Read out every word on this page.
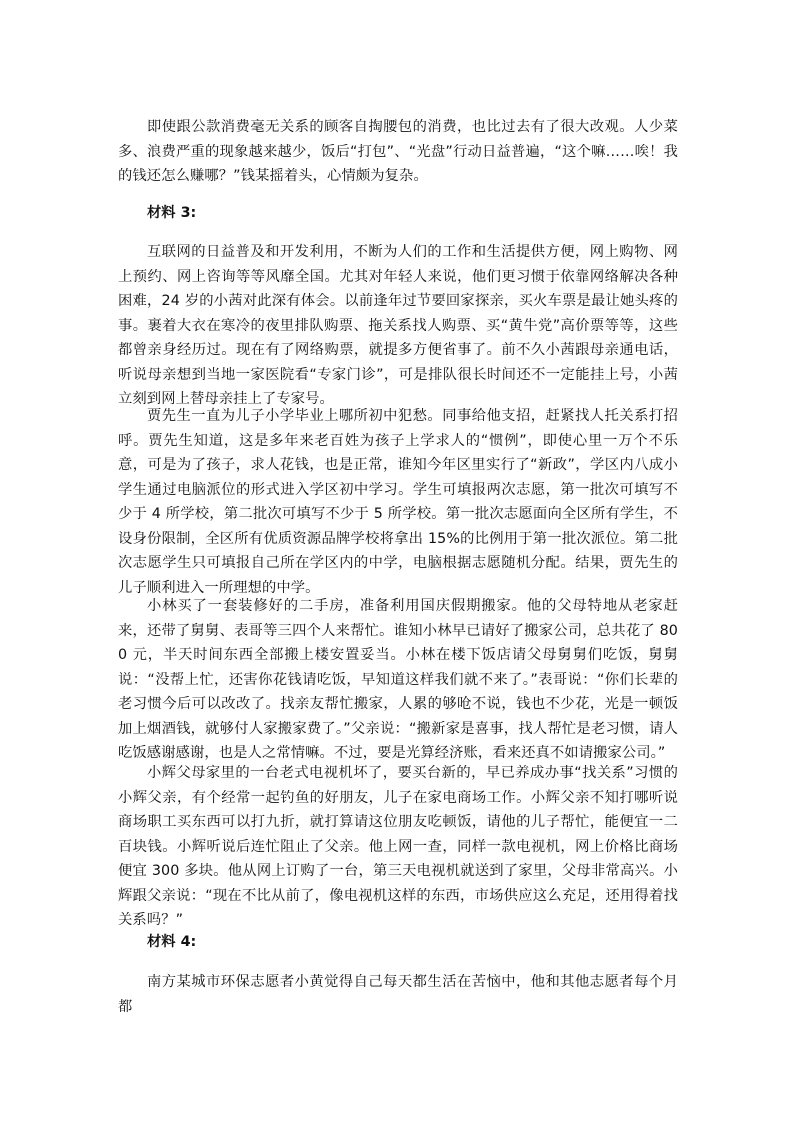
即使跟公款消费毫无关系的顾客自掏腰包的消费，也比过去有了很大改观。人少菜多、浪费严重的现象越来越少，饭后“打包”、“光盘”行动日益普遍，“这个嘛……唉！我的钱还怎么赚哪？”钱某摇着头，心情颇为复杂。

材料 3:

互联网的日益普及和开发利用，不断为人们的工作和生活提供方便，网上购物、网上预约、网上咨询等等风靡全国。尤其对年轻人来说，他们更习惯于依靠网络解决各种困难，24 岁的小茜对此深有体会。以前逢年过节要回家探亲，买火车票是最让她头疼的事。裹着大衣在寒冷的夜里排队购票、拖关系找人购票、买“黄牛党”高价票等等，这些都曾亲身经历过。现在有了网络购票，就提多方便省事了。前不久小茜跟母亲通电话，听说母亲想到当地一家医院看“专家门诊”，可是排队很长时间还不一定能挂上号，小茜立刻到网上替母亲挂上了专家号。

贾先生一直为儿子小学毕业上哪所初中犯愁。同事给他支招，赶紧找人托关系打招呼。贾先生知道，这是多年来老百姓为孩子上学求人的“惯例”，即使心里一万个不乐意，可是为了孩子，求人花钱，也是正常，谁知今年区里实行了“新政”，学区内八成小学生通过电脑派位的形式进入学区初中学习。学生可填报两次志愿，第一批次可填写不少于 4 所学校，第二批次可填写不少于 5 所学校。第一批次志愿面向全区所有学生，不设身份限制，全区所有优质资源品牌学校将拿出 15%的比例用于第一批次派位。第二批次志愿学生只可填报自己所在学区内的中学，电脑根据志愿随机分配。结果，贾先生的儿子顺利进入一所理想的中学。

小林买了一套装修好的二手房，准备利用国庆假期搬家。他的父母特地从老家赶来，还带了舅舅、表哥等三四个人来帮忙。谁知小林早已请好了搬家公司，总共花了 800 元，半天时间东西全部搬上楼安置妥当。小林在楼下饭店请父母舅舅们吃饭，舅舅说：“没帮上忙，还害你花钱请吃饭，早知道这样我们就不来了。”表哥说：“你们长辈的老习惯今后可以改改了。找亲友帮忙搬家，人累的够呛不说，钱也不少花，光是一顿饭加上烟酒钱，就够付人家搬家费了。”父亲说：“搬新家是喜事，找人帮忙是老习惯，请人吃饭感谢感谢，也是人之常情嘛。不过，要是光算经济账，看来还真不如请搬家公司。”

小辉父母家里的一台老式电视机坏了，要买台新的，早已养成办事“找关系”习惯的小辉父亲，有个经常一起钓鱼的好朋友，儿子在家电商场工作。小辉父亲不知打哪听说商场职工买东西可以打九折，就打算请这位朋友吃顿饭，请他的儿子帮忙，能便宜一二百块钱。小辉听说后连忙阻止了父亲。他上网一查，同样一款电视机，网上价格比商场便宜 300 多块。他从网上订购了一台，第三天电视机就送到了家里，父母非常高兴。小辉跟父亲说：“现在不比从前了，像电视机这样的东西，市场供应这么充足，还用得着找关系吗？”

材料 4:

南方某城市环保志愿者小黄觉得自己每天都生活在苦恼中，他和其他志愿者每个月都
